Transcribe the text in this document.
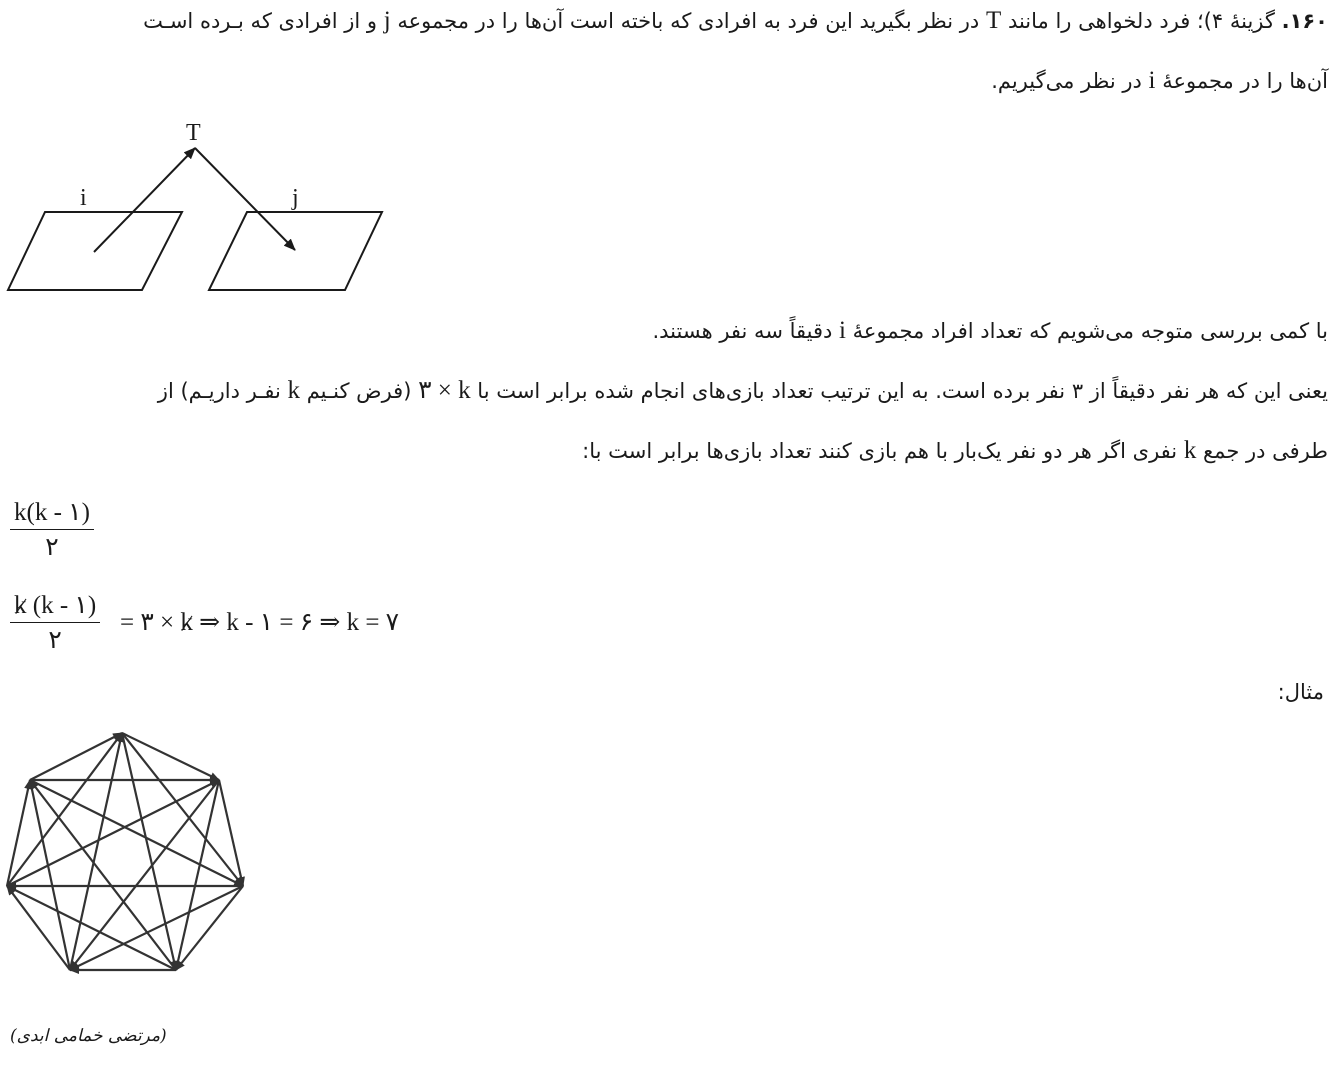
۱۶۰. گزینهٔ ۴)؛ فرد دلخواهی را مانند T در نظر بگیرید این فرد به افرادی که باخته است آن‌ها را در مجموعه j و از افرادی که بـرده اسـت
آن‌ها را در مجموعهٔ i در نظر می‌گیریم.
T
i	j
با کمی بررسی متوجه می‌شویم که تعداد افراد مجموعهٔ i دقیقاً سه نفر هستند.
یعنی این که هر نفر دقیقاً از ۳ نفر برده است. به این ترتیب تعداد بازی‌های انجام شده برابر است با ۳ × k (فرض کنـیم k نفـر داریـم) از
طرفی در جمع k نفری اگر هر دو نفر یک‌بار با هم بازی کنند تعداد بازی‌ها برابر است با:
k(k - ۱)
۲
k (k - ۱)
۲
= ۳ × k ⇒ k - ۱ = ۶ ⇒ k = ۷
مثال:
(مرتضی خمامی ابدی)
